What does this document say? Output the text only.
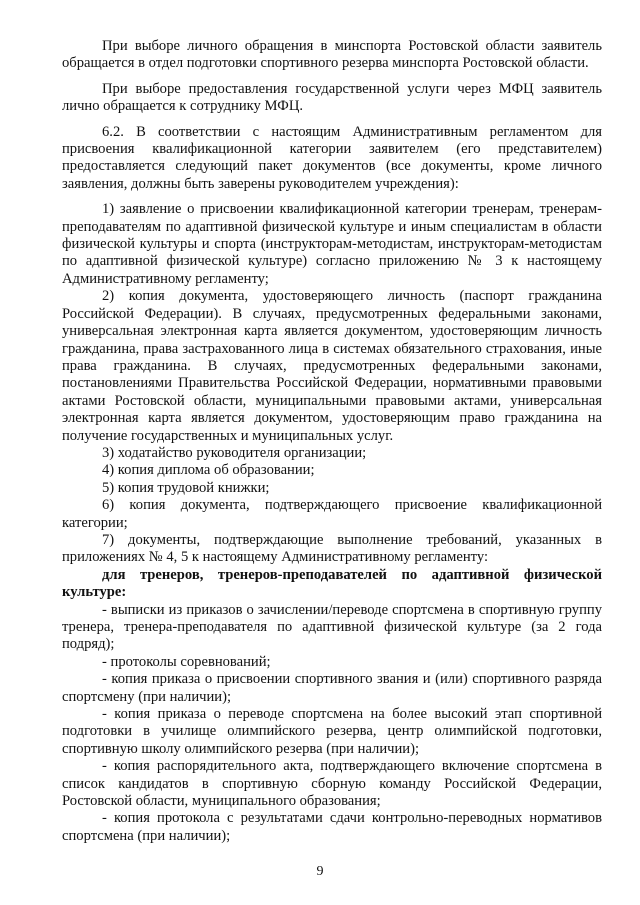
При выборе личного обращения в минспорта Ростовской области заявитель обращается в отдел подготовки спортивного резерва минспорта Ростовской области.

При выборе предоставления государственной услуги через МФЦ заявитель лично обращается к сотруднику МФЦ.

6.2. В соответствии с настоящим Административным регламентом для присвоения квалификационной категории заявителем (его представителем) предоставляется следующий пакет документов (все документы, кроме личного заявления, должны быть заверены руководителем учреждения):

1) заявление о присвоении квалификационной категории тренерам, тренерам-преподавателям по адаптивной физической культуре и иным специалистам в области физической культуры и спорта (инструкторам-методистам, инструкторам-методистам по адаптивной физической культуре) согласно приложению № 3 к настоящему Административному регламенту;

2) копия документа, удостоверяющего личность (паспорт гражданина Российской Федерации). В случаях, предусмотренных федеральными законами, универсальная электронная карта является документом, удостоверяющим личность гражданина, права застрахованного лица в системах обязательного страхования, иные права гражданина. В случаях, предусмотренных федеральными законами, постановлениями Правительства Российской Федерации, нормативными правовыми актами Ростовской области, муниципальными правовыми актами, универсальная электронная карта является документом, удостоверяющим право гражданина на получение государственных и муниципальных услуг.

3) ходатайство руководителя организации;

4) копия диплома об образовании;

5) копия трудовой книжки;

6) копия документа, подтверждающего присвоение квалификационной категории;

7) документы, подтверждающие выполнение требований, указанных в приложениях № 4, 5 к настоящему Административному регламенту:

для тренеров, тренеров-преподавателей по адаптивной физической культуре:

- выписки из приказов о зачислении/переводе спортсмена в спортивную группу тренера, тренера-преподавателя по адаптивной физической культуре (за 2 года подряд);

- протоколы соревнований;

- копия приказа о присвоении спортивного звания и (или) спортивного разряда спортсмену (при наличии);

- копия приказа о переводе спортсмена на более высокий этап спортивной подготовки в училище олимпийского резерва, центр олимпийской подготовки, спортивную школу олимпийского резерва (при наличии);

- копия распорядительного акта, подтверждающего включение спортсмена в список кандидатов в спортивную сборную команду Российской Федерации, Ростовской области, муниципального образования;

- копия протокола с результатами сдачи контрольно-переводных нормативов спортсмена (при наличии);

9
